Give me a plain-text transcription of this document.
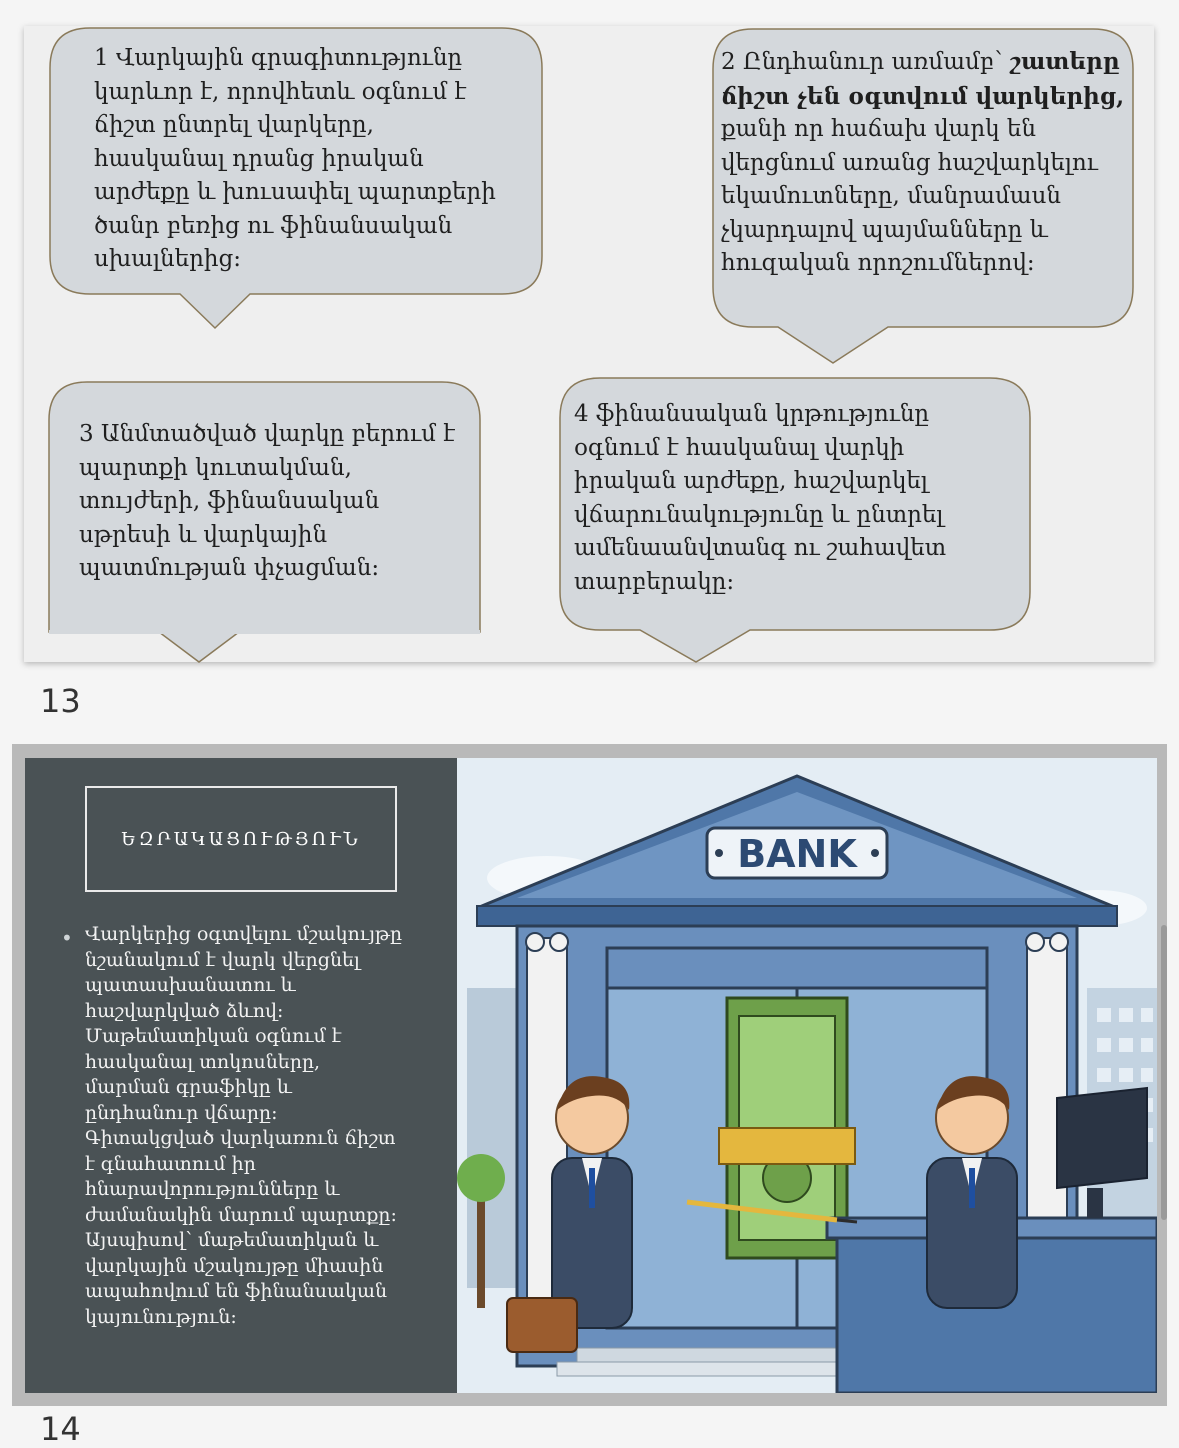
1 Վարկային գրագիտությունը
կարևոր է, որովհետև օգնում է
ճիշտ ընտրել վարկերը,
հասկանալ դրանց իրական
արժեքը և խուսափել պարտքերի
ծանր բեռից ու ֆինանսական
սխալներից:
2 Ընդհանուր առմամբ՝ շատերը
ճիշտ չեն օգտվում վարկերից,
քանի որ հաճախ վարկ են
վերցնում առանց հաշվարկելու
եկամուտները, մանրամասն
չկարդալով պայմանները և
հուզական որոշումներով:
3 Անմտածված վարկը բերում է
պարտքի կուտակման,
տույժերի, ֆինանսական
սթրեսի և վարկային
պատմության փչացման:
4 ֆինանսական կրթությունը
օգնում է հասկանալ վարկի
իրական արժեքը, հաշվարկել
վճարունակությունը և ընտրել
ամենաանվտանգ ու շահավետ
տարբերակը:
13
ԵԶՐԱԿԱՑՈՒԹՅՈՒՆ
• Վարկերից օգտվելու մշակույթը
նշանակում է վարկ վերցնել
պատասխանատու և
հաշվարկված ձևով:
Մաթեմատիկան օգնում է
հասկանալ տոկոսները,
մարման գրաֆիկը և
ընդհանուր վճարը:
Գիտակցված վարկառուն ճիշտ
է գնահատում իր
հնարավորությունները և
ժամանակին մարում պարտքը:
Այսպիսով՝ մաթեմատիկան և
վարկային մշակույթը միասին
ապահովում են ֆինանսական
կայունություն:
BANK
14
